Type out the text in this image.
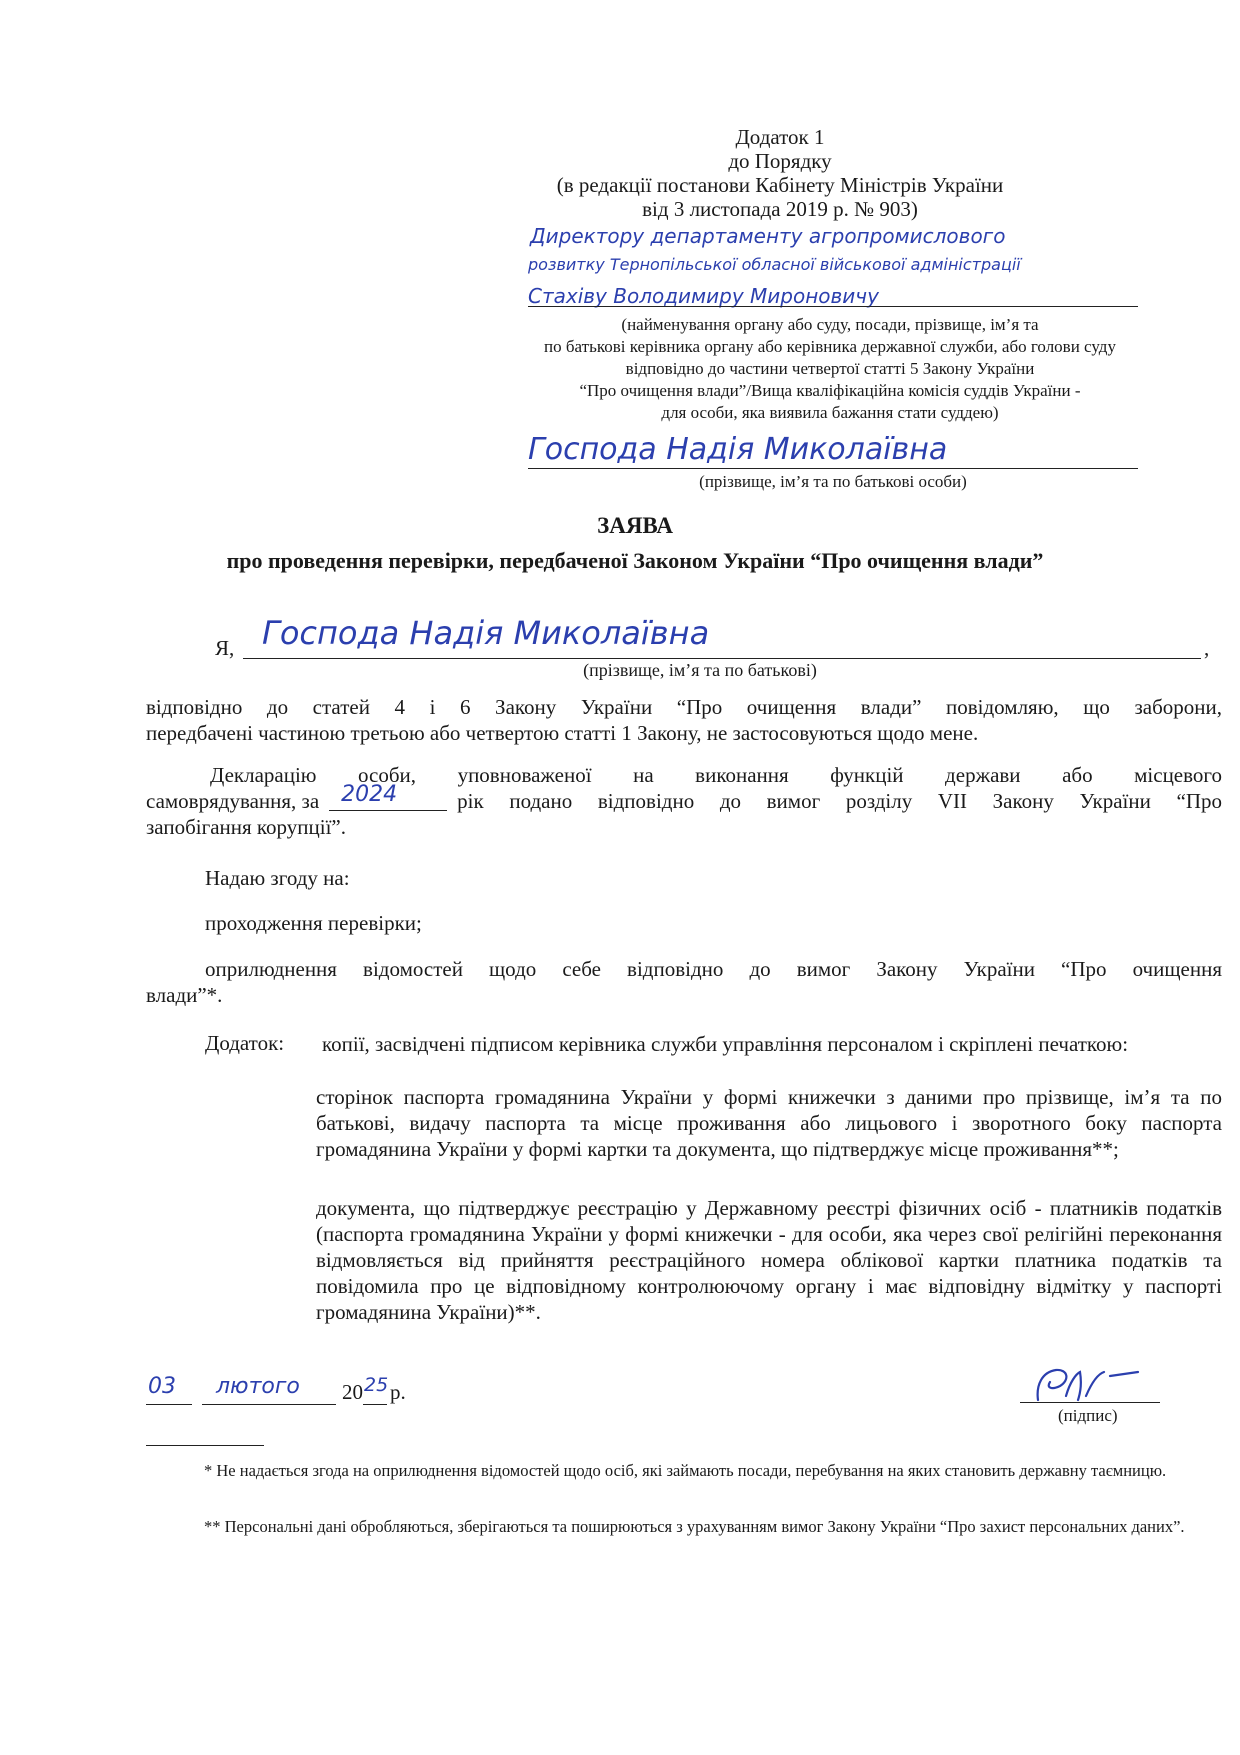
Додаток 1
до Порядку
(в редакції постанови Кабінету Міністрів України
від 3 листопада 2019 р. № 903)
Директору департаменту агропромислового
розвитку Тернопільської обласної військової адміністрації
Стахіву Володимиру Мироновичу
(найменування органу або суду, посади, прізвище, ім’я та
по батькові керівника органу або керівника державної служби, або голови суду
відповідно до частини четвертої статті 5 Закону України
“Про очищення влади”/Вища кваліфікаційна комісія суддів України -
для особи, яка виявила бажання стати суддею)
Господа Надія Миколаївна
(прізвище, ім’я та по батькові особи)
ЗАЯВА
про проведення перевірки, передбаченої Законом України “Про очищення влади”
Я, Господа Надія Миколаївна	,
(прізвище, ім’я та по батькові)
відповідно до статей 4 і 6 Закону України “Про очищення влади” повідомляю, що заборони,
передбачені частиною третьою або четвертою статті 1 Закону, не застосовуються щодо мене.
Декларацію особи, уповноваженої на виконання функцій держави або місцевого
самоврядування, за 2024	рік подано відповідно до вимог розділу VII Закону України “Про
запобігання корупції”.
Надаю згоду на:
проходження перевірки;
оприлюднення відомостей щодо себе відповідно до вимог Закону України “Про очищення
влади”*.
Додаток: копії, засвідчені підписом керівника служби управління персоналом і скріплені печаткою:
сторінок паспорта громадянина України у формі книжечки з даними про прізвище, ім’я та по батькові, видачу паспорта та місце проживання або лицьового і зворотного боку паспорта громадянина України у формі картки та документа, що підтверджує місце проживання**;
документа, що підтверджує реєстрацію у Державному реєстрі фізичних осіб - платників податків (паспорта громадянина України у формі книжечки - для особи, яка через свої релігійні переконання відмовляється від прийняття реєстраційного номера облікової картки платника податків та повідомила про це відповідному контролюючому органу і має відповідну відмітку у паспорті громадянина України)**.
03 лютого 20 25 р.
(підпис)
* Не надається згода на оприлюднення відомостей щодо осіб, які займають посади, перебування на яких становить державну таємницю.
** Персональні дані обробляються, зберігаються та поширюються з урахуванням вимог Закону України “Про захист персональних даних”.
